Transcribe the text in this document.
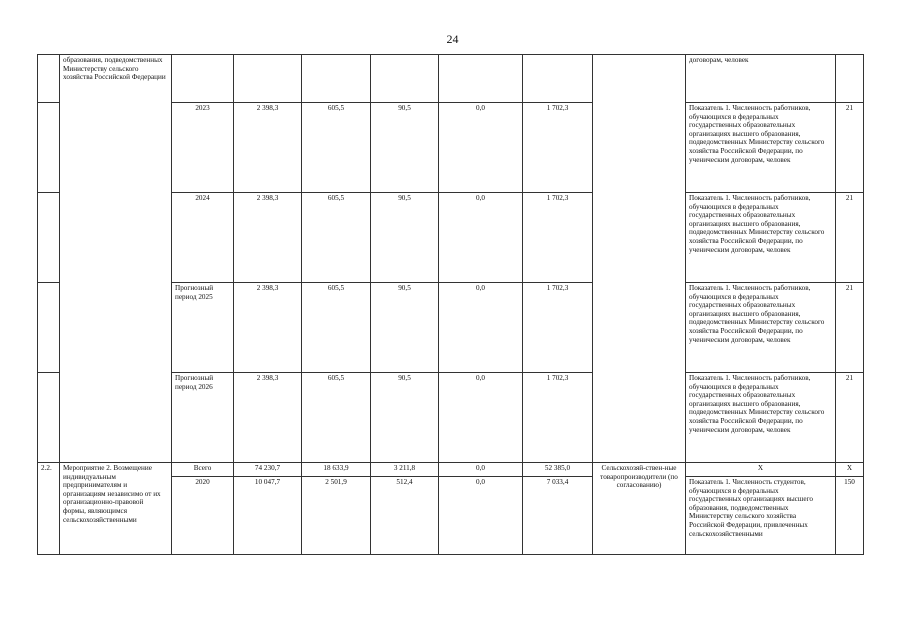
24

	образования, подведомственных Министерству сельского хозяйства Российской Федерации								договорам, человек	
		2023	2 398,3	605,5	90,5	0,0	1 702,3		Показатель 1. Численность работников, обучающихся в федеральных государственных образовательных организациях высшего образования, подведомственных Министерству сельского хозяйства Российской Федерации, по ученическим договорам, человек	21
		2024	2 398,3	605,5	90,5	0,0	1 702,3		Показатель 1. Численность работников, обучающихся в федеральных государственных образовательных организациях высшего образования, подведомственных Министерству сельского хозяйства Российской Федерации, по ученическим договорам, человек	21
		Прогнозный период 2025	2 398,3	605,5	90,5	0,0	1 702,3		Показатель 1. Численность работников, обучающихся в федеральных государственных образовательных организациях высшего образования, подведомственных Министерству сельского хозяйства Российской Федерации, по ученическим договорам, человек	21
		Прогнозный период 2026	2 398,3	605,5	90,5	0,0	1 702,3		Показатель 1. Численность работников, обучающихся в федеральных государственных образовательных организациях высшего образования, подведомственных Министерству сельского хозяйства Российской Федерации, по ученическим договорам, человек	21
2.2.	Мероприятие 2. Возмещение индивидуальным предпринимателям и организациям независимо от их организационно-правовой формы, являющимся сельскохозяйственными	Всего	74 230,7	18 633,9	3 211,8	0,0	52 385,0	Сельскохозяй-ствен-ные товаропроизводители (по согласованию)	Х	Х
		2020	10 047,7	2 501,9	512,4	0,0	7 033,4		Показатель 1. Численность студентов, обучающихся в федеральных государственных организациях высшего образования, подведомственных Министерству сельского хозяйства Российской Федерации, привлеченных сельскохозяйственными	150
